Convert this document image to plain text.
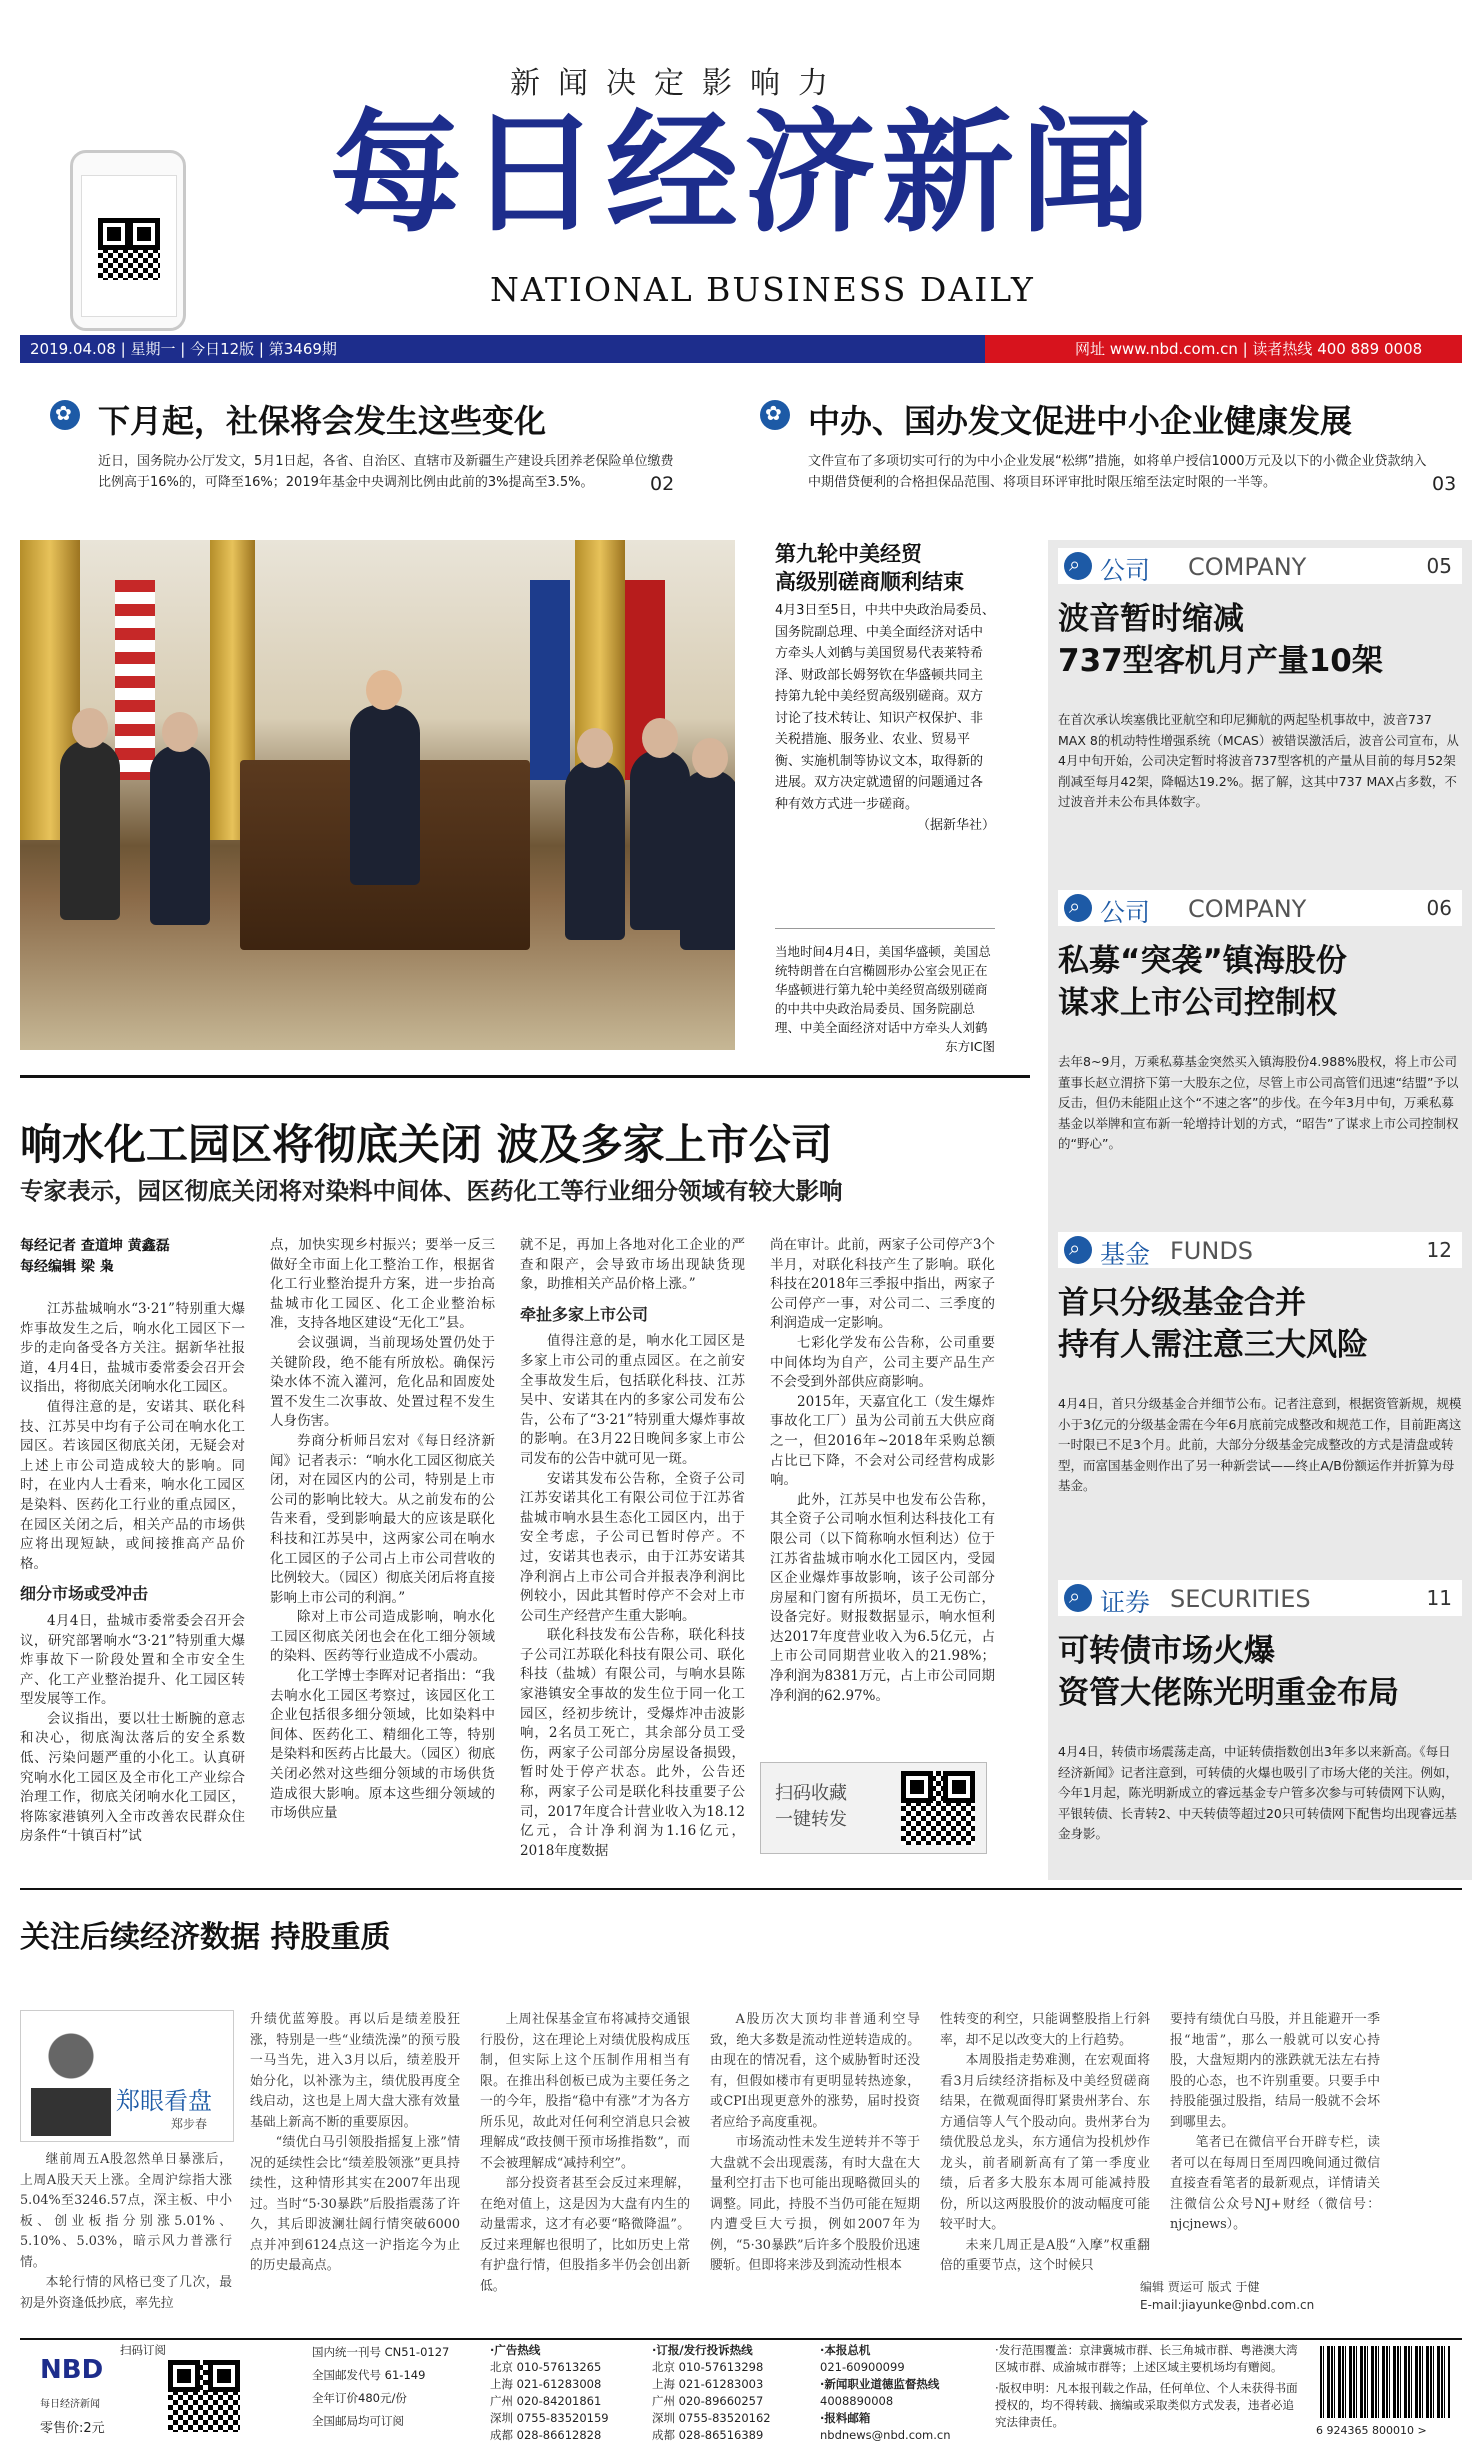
新闻决定影响力
每日经济新闻
NATIONAL BUSINESS DAILY
2019.04.08 | 星期一 | 今日12版 | 第3469期	网址 www.nbd.com.cn | 读者热线 400 889 0008
✿
下月起，社保将会发生这些变化
近日，国务院办公厅发文，5月1日起，各省、自治区、直辖市及新疆生产建设兵团养老保险单位缴费比例高于16%的，可降至16%；2019年基金中央调剂比例由此前的3%提高至3.5%。	02
✿
中办、国办发文促进中小企业健康发展
文件宣布了多项切实可行的为中小企业发展“松绑”措施，如将单户授信1000万元及以下的小微企业贷款纳入中期借贷便利的合格担保品范围、将项目环评审批时限压缩至法定时限的一半等。	03
第九轮中美经贸
高级别磋商顺利结束
4月3日至5日，中共中央政治局委员、国务院副总理、中美全面经济对话中方牵头人刘鹤与美国贸易代表莱特希泽、财政部长姆努钦在华盛顿共同主持第九轮中美经贸高级别磋商。双方讨论了技术转让、知识产权保护、非关税措施、服务业、农业、贸易平衡、实施机制等协议文本，取得新的进展。双方决定就遗留的问题通过各种有效方式进一步磋商。

（据新华社）
当地时间4月4日，美国华盛顿，美国总统特朗普在白宫椭圆形办公室会见正在华盛顿进行第九轮中美经贸高级别磋商的中共中央政治局委员、国务院副总理、中美全面经济对话中方牵头人刘鹤

东方IC图
⌕
公司 COMPANY	05
波音暂时缩减
737型客机月产量10架
在首次承认埃塞俄比亚航空和印尼狮航的两起坠机事故中，波音737 MAX 8的机动特性增强系统（MCAS）被错误激活后，波音公司宣布，从4月中旬开始，公司决定暂时将波音737型客机的产量从目前的每月52架削减至每月42架，降幅达19.2%。据了解，这其中737 MAX占多数，不过波音并未公布具体数字。
⌕
公司 COMPANY	06
私募“突袭”镇海股份
谋求上市公司控制权
去年8~9月，万乘私募基金突然买入镇海股份4.988%股权，将上市公司董事长赵立渭挤下第一大股东之位，尽管上市公司高管们迅速“结盟”予以反击，但仍未能阻止这个“不速之客”的步伐。在今年3月中旬，万乘私募基金以举牌和宣布新一轮增持计划的方式，“昭告”了谋求上市公司控制权的“野心”。
⌕
基金 FUNDS	12
首只分级基金合并
持有人需注意三大风险
4月4日，首只分级基金合并细节公布。记者注意到，根据资管新规，规模小于3亿元的分级基金需在今年6月底前完成整改和规范工作，目前距离这一时限已不足3个月。此前，大部分分级基金完成整改的方式是清盘或转型，而富国基金则作出了另一种新尝试——终止A/B份额运作并折算为母基金。
⌕
证券 SECURITIES	11
可转债市场火爆
资管大佬陈光明重金布局
4月4日，转债市场震荡走高，中证转债指数创出3年多以来新高。《每日经济新闻》记者注意到，可转债的火爆也吸引了市场大佬的关注。例如，今年1月起，陈光明新成立的睿远基金专户管多次参与可转债网下认购，平银转债、长青转2、中天转债等超过20只可转债网下配售均出现睿远基金身影。
响水化工园区将彻底关闭 波及多家上市公司
专家表示，园区彻底关闭将对染料中间体、医药化工等行业细分领域有较大影响
每经记者 查道坤 黄鑫磊
每经编辑 梁 枭

江苏盐城响水“3·21”特别重大爆炸事故发生之后，响水化工园区下一步的走向备受各方关注。据新华社报道，4月4日，盐城市委常委会召开会议指出，将彻底关闭响水化工园区。

值得注意的是，安诺其、联化科技、江苏吴中均有子公司在响水化工园区。若该园区彻底关闭，无疑会对上述上市公司造成较大的影响。同时，在业内人士看来，响水化工园区是染料、医药化工行业的重点园区，在园区关闭之后，相关产品的市场供应将出现短缺，或间接推高产品价格。

细分市场或受冲击

4月4日，盐城市委常委会召开会议，研究部署响水“3·21”特别重大爆炸事故下一阶段处置和全市安全生产、化工产业整治提升、化工园区转型发展等工作。

会议指出，要以壮士断腕的意志和决心，彻底淘汰落后的安全系数低、污染问题严重的小化工。认真研究响水化工园区及全市化工产业综合治理工作，彻底关闭响水化工园区，将陈家港镇列入全市改善农民群众住房条件“十镇百村”试

点，加快实现乡村振兴；要举一反三做好全市面上化工整治工作，根据省化工行业整治提升方案，进一步抬高盐城市化工园区、化工企业整治标准，支持各地区建设“无化工”县。

会议强调，当前现场处置仍处于关键阶段，绝不能有所放松。确保污染水体不流入灌河，危化品和固废处置不发生二次事故、处置过程不发生人身伤害。

券商分析师吕宏对《每日经济新闻》记者表示：“响水化工园区彻底关闭，对在园区内的公司，特别是上市公司的影响比较大。从之前发布的公告来看，受到影响最大的应该是联化科技和江苏吴中，这两家公司在响水化工园区的子公司占上市公司营收的比例较大。（园区）彻底关闭后将直接影响上市公司的利润。”

除对上市公司造成影响，响水化工园区彻底关闭也会在化工细分领域的染料、医药等行业造成不小震动。

化工学博士李晖对记者指出：“我去响水化工园区考察过，该园区化工企业包括很多细分领域，比如染料中间体、医药化工、精细化工等，特别是染料和医药占比最大。（园区）彻底关闭必然对这些细分领域的市场供货造成很大影响。原本这些细分领域的市场供应量

就不足，再加上各地对化工企业的严查和限产，会导致市场出现缺货现象，助推相关产品价格上涨。”

牵扯多家上市公司

值得注意的是，响水化工园区是多家上市公司的重点园区。在之前安全事故发生后，包括联化科技、江苏吴中、安诺其在内的多家公司发布公告，公布了“3·21”特别重大爆炸事故的影响。在3月22日晚间多家上市公司发布的公告中就可见一斑。

安诺其发布公告称，全资子公司江苏安诺其化工有限公司位于江苏省盐城市响水县生态化工园区内，出于安全考虑，子公司已暂时停产。不过，安诺其也表示，由于江苏安诺其净利润占上市公司合并报表净利润比例较小，因此其暂时停产不会对上市公司生产经营产生重大影响。

联化科技发布公告称，联化科技子公司江苏联化科技有限公司、联化科技（盐城）有限公司，与响水县陈家港镇安全事故的发生位于同一化工园区，经初步统计，受爆炸冲击波影响，2名员工死亡，其余部分员工受伤，两家子公司部分房屋设备损毁，暂时处于停产状态。此外，公告还称，两家子公司是联化科技重要子公司，2017年度合计营业收入为18.12亿元，合计净利润为1.16亿元，2018年度数据

尚在审计。此前，两家子公司停产3个半月，对联化科技产生了影响。联化科技在2018年三季报中指出，两家子公司停产一事，对公司二、三季度的利润造成一定影响。

七彩化学发布公告称，公司重要中间体均为自产，公司主要产品生产不会受到外部供应商影响。

2015年，天嘉宜化工（发生爆炸事故化工厂）虽为公司前五大供应商之一，但2016年~2018年采购总额占比已下降，不会对公司经营构成影响。

此外，江苏吴中也发布公告称，其全资子公司响水恒利达科技化工有限公司（以下简称响水恒利达）位于江苏省盐城市响水化工园区内，受园区企业爆炸事故影响，该子公司部分房屋和门窗有所损坏，员工无伤亡，设备完好。财报数据显示，响水恒利达2017年度营业收入为6.5亿元，占上市公司同期营业收入的21.98%；净利润为8381万元，占上市公司同期净利润的62.97%。

扫码收藏
一键转发
关注后续经济数据 持股重质
郑眼看盘
郑步春

继前周五A股忽然单日暴涨后，上周A股天天上涨。全周沪综指大涨5.04%至3246.57点，深主板、中小板、创业板指分别涨5.01%、5.10%、5.03%，暗示风力普涨行情。

本轮行情的风格已变了几次，最初是外资逢低抄底，率先拉

升绩优蓝筹股。再以后是绩差股狂涨，特别是一些“业绩洗澡”的预亏股一马当先，进入3月以后，绩差股开始分化，以补涨为主，绩优股再度全线启动，这也是上周大盘大涨有效量基础上新高不断的重要原因。

“绩优白马引领股指摇复上涨”情况的延续性会比“绩差股领涨”更具持续性，这种情形其实在2007年出现过。当时“5·30暴跌”后股指震荡了许久，其后即波澜壮阔行情突破6000点并冲到6124点这一沪指迄今为止的历史最高点。

上周社保基金宣布将减持交通银行股份，这在理论上对绩优股构成压制，但实际上这个压制作用相当有限。在推出科创板已成为主要任务之一的今年，股指“稳中有涨”才为各方所乐见，故此对任何利空消息只会被理解成“政技侧干预市场推指数”，而不会被理解成“减持利空”。

部分投资者甚至会反过来理解，在绝对值上，这是因为大盘有内生的动量需求，这才有必要“略微降温”。反过来理解也很明了，比如历史上常有护盘行情，但股指多半仍会创出新低。

A股历次大顶均非普通利空导致，绝大多数是流动性逆转造成的。由现在的情况看，这个威胁暂时还没有，但假如楼市有更明显转热迹象，或CPI出现更意外的涨势，届时投资者应给予高度重视。

市场流动性未发生逆转并不等于大盘就不会出现震荡，有时大盘在大量利空打击下也可能出现略微回头的调整。同此，持股不当仍可能在短期内遭受巨大亏损，例如2007年为例，“5·30暴跌”后许多个股股价迅速腰斩。但即将来涉及到流动性根本

性转变的利空，只能调整股指上行斜率，却不足以改变大的上行趋势。

本周股指走势难测，在宏观面将看3月后续经济指标及中美经贸磋商结果，在微观面得盯紧贵州茅台、东方通信等人气个股动向。贵州茅台为绩优股总龙头，东方通信为投机炒作龙头，前者刷新高有了第一季度业绩，后者多大股东本周可能减持股份，所以这两股股价的波动幅度可能较平时大。

未来几周正是A股“入摩”权重翻倍的重要节点，这个时候只

要持有绩优白马股，并且能避开一季报“地雷”，那么一般就可以安心持股，大盘短期内的涨跌就无法左右持股的心态，也不许别重要。只要手中持股能强过股指，结局一般就不会坏到哪里去。

笔者已在微信平台开辟专栏，读者可以在每周日至周四晚间通过微信直接查看笔者的最新观点，详情请关注微信公众号NJ+财经（微信号：njcjnews）。

编辑 贾运可 版式 于健
E-mail:jiayunke@nbd.com.cn
扫码订阅
NBD
每日经济新闻
零售价:2元
国内统一刊号 CN51-0127
全国邮发代号 61-149
全年订价480元/份
全国邮局均可订阅
·广告热线
北京 010-57613265
上海 021-61283008
广州 020-84201861
深圳 0755-83520159
成都 028-86612828
·订报/发行投诉热线
北京 010-57613298
上海 021-61283003
广州 020-89660257
深圳 0755-83520162
成都 028-86516389
·本报总机
021-60900099
·新闻职业道德监督热线
4008890008
·报料邮箱
nbdnews@nbd.com.cn
·发行范围覆盖：京津冀城市群、长三角城市群、粤港澳大湾区城市群、成渝城市群等；上述区域主要机场均有赠阅。
·版权申明：凡本报刊载之作品，任何单位、个人未获得书面授权的，均不得转载、摘编或采取类似方式发表，违者必追究法律责任。
6 924365 800010 >
